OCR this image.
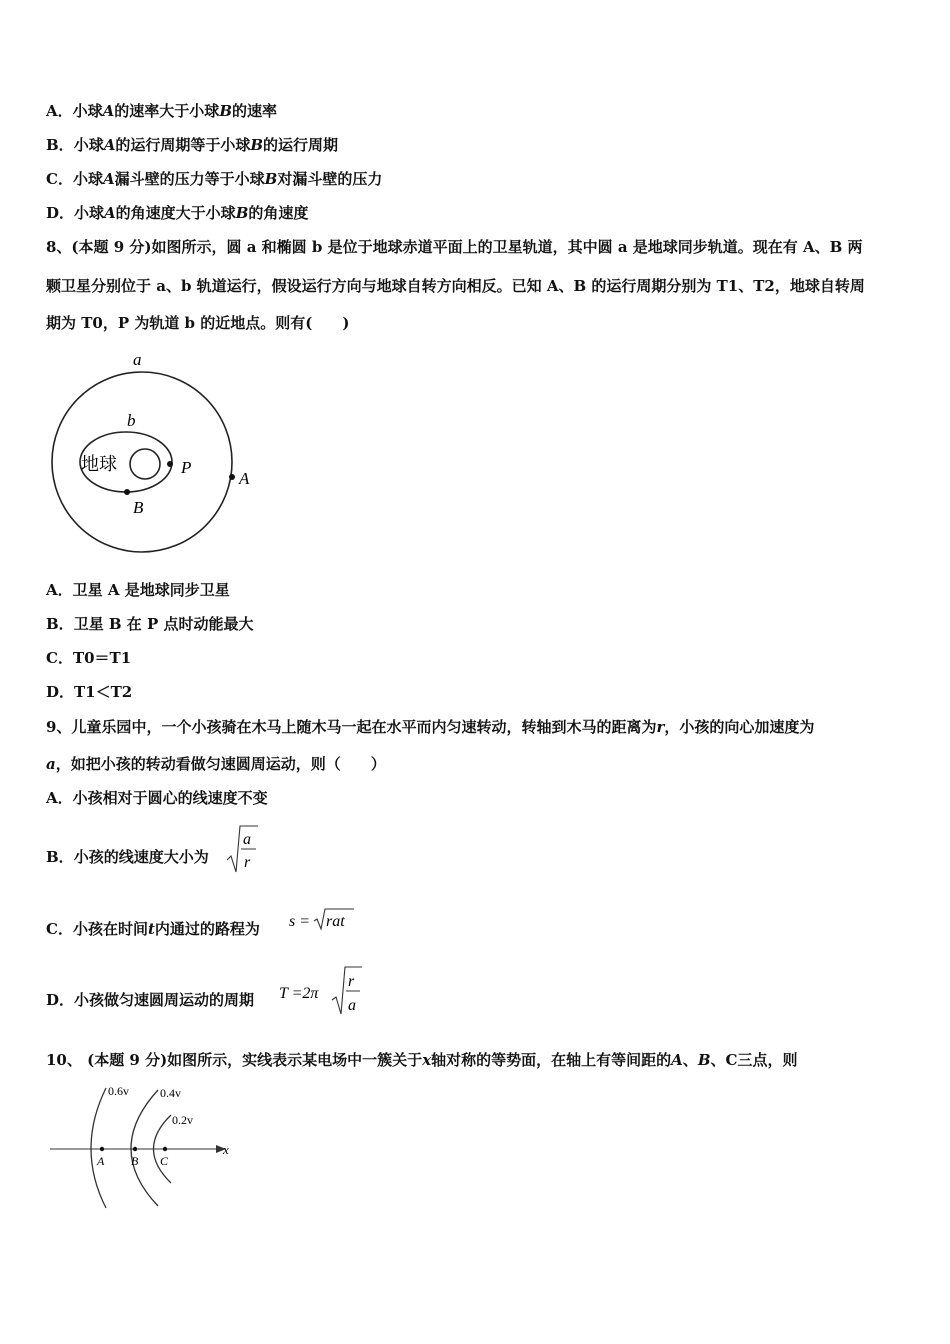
A．小球A的速率大于小球B的速率
B．小球A的运行周期等于小球B的运行周期
C．小球A漏斗壁的压力等于小球B对漏斗壁的压力
D．小球A的角速度大于小球B的角速度
8、(本题 9 分)如图所示，圆 a 和椭圆 b 是位于地球赤道平面上的卫星轨道，其中圆 a 是地球同步轨道。现在有 A、B 两
颗卫星分别位于 a、b 轨道运行，假设运行方向与地球自转方向相反。已知 A、B 的运行周期分别为 T1、T2，地球自转周
期为 T0，P 为轨道 b 的近地点。则有(　　)
a
b
地球	P
A
B
A．卫星 A 是地球同步卫星
B．卫星 B 在 P 点时动能最大
C．T0＝T1
D．T1＜T2
9、儿童乐园中，一个小孩骑在木马上随木马一起在水平而内匀速转动，转轴到木马的距离为r，小孩的向心加速度为
a，如把小孩的转动看做匀速圆周运动，则（　　）
A．小孩相对于圆心的线速度不变
B．小孩的线速度大小为
a
r
C．小孩在时间t内通过的路程为 s = rat
D．小孩做匀速圆周运动的周期 T =2π
r
a
10、 (本题 9 分)如图所示，实线表示某电场中一簇关于x轴对称的等势面，在轴上有等间距的A、B、C三点，则
0.6v	0.4v
0.2v
A B C
x
